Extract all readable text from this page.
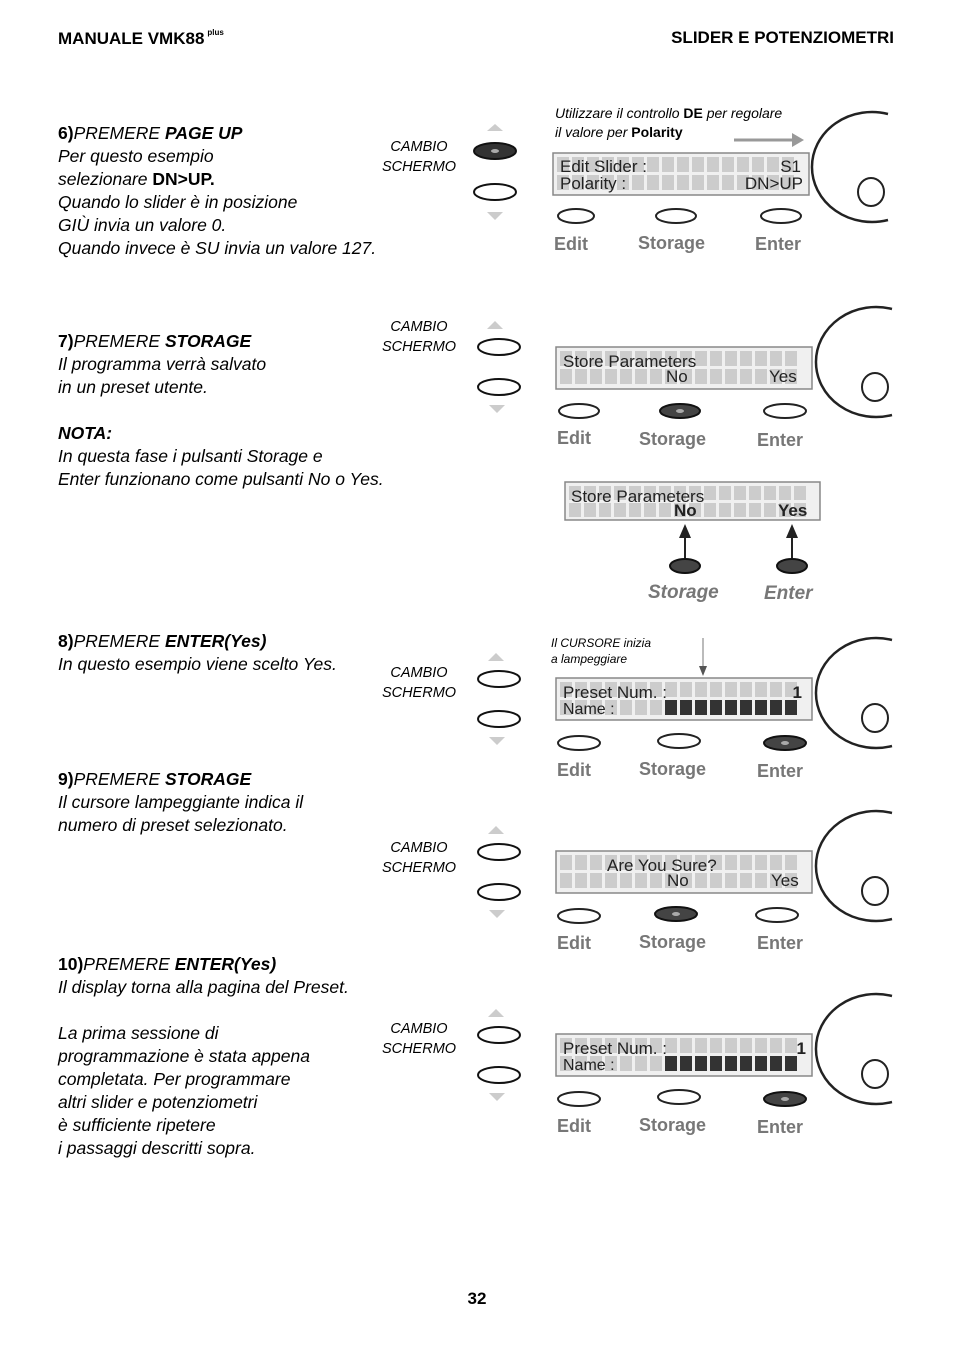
MANUALE VMK88 $^{plus}$	SLIDER E POTENZIOMETRI
6)PREMERE PAGE UP
Per questo esempio
selezionare DN>UP.
Quando lo slider è in posizione
GIÙ invia un valore 0.
Quando invece è SU invia un valore 127.
CAMBIO
SCHERMO
Utilizzare il controllo DE per regolare
il valore per Polarity
Edit Slider :	S1
Polarity :	DN>UP
Edit	Storage	Enter
7)PREMERE STORAGE
Il programma verrà salvato
in un preset utente.

NOTA:
In questa fase i pulsanti Storage e
Enter funzionano come pulsanti No o Yes.
CAMBIO
SCHERMO
Store Parameters
No	Yes
Edit	Storage	Enter
Store Parameters
No	Yes
Storage Enter
8)PREMERE ENTER(Yes)
In questo esempio viene scelto Yes.	CAMBIO
SCHERMO
Il CURSORE inizia
a lampeggiare
Preset Num. :	1
Name :
Edit	Storage	Enter
9)PREMERE STORAGE
Il cursore lampeggiante indica il
numero di preset selezionato.
CAMBIO
SCHERMO	Are You Sure?
No	Yes
Edit	Storage	Enter
10)PREMERE ENTER(Yes)
Il display torna alla pagina del Preset.

La prima sessione di
programmazione è stata appena
completata. Per programmare
altri slider e potenziometri
è sufficiente ripetere
i passaggi descritti sopra.
CAMBIO
SCHERMO	Preset Num. :	1
Name :
Edit	Storage	Enter
32
